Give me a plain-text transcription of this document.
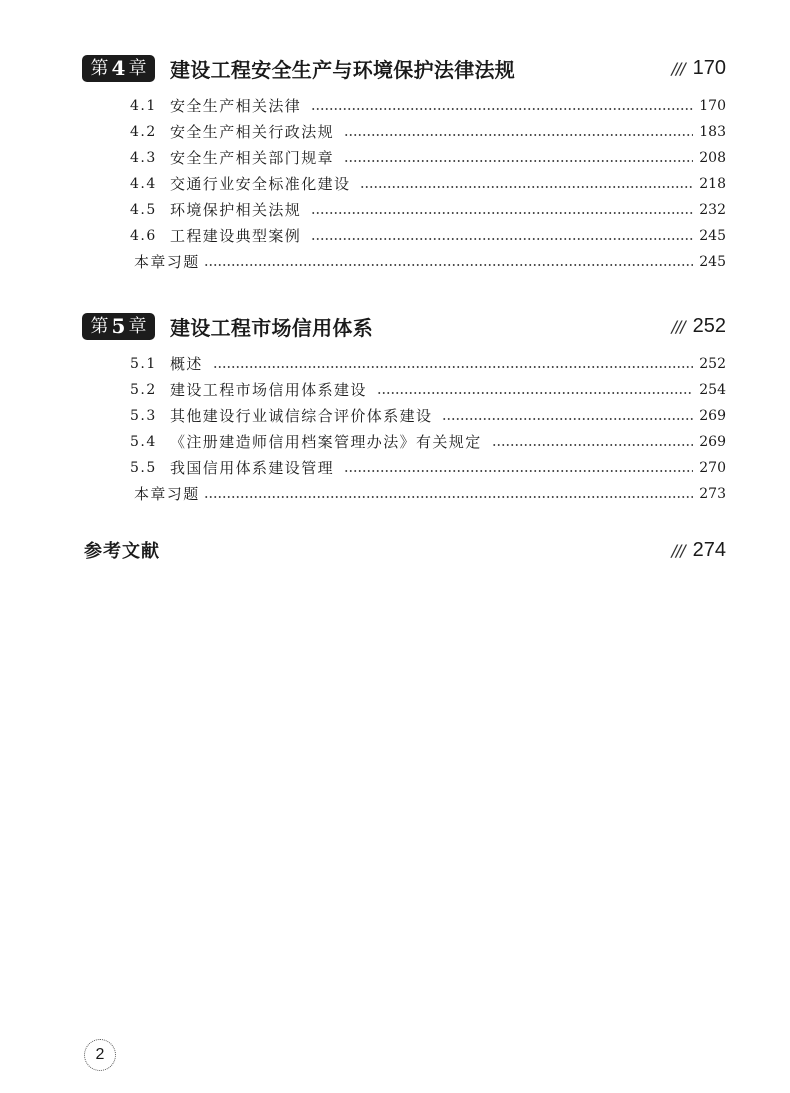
第 4 章 建设工程安全生产与环境保护法律法规	/// 170
4.1 安全生产相关法律	170
4.2 安全生产相关行政法规	183
4.3 安全生产相关部门规章	208
4.4 交通行业安全标准化建设	218
4.5 环境保护相关法规	232
4.6 工程建设典型案例	245
本章习题	245
第 5 章 建设工程市场信用体系	/// 252
5.1 概述	252
5.2 建设工程市场信用体系建设	254
5.3 其他建设行业诚信综合评价体系建设	269
5.4 《注册建造师信用档案管理办法》有关规定	269
5.5 我国信用体系建设管理	270
本章习题	273
参考文献	/// 274
2
